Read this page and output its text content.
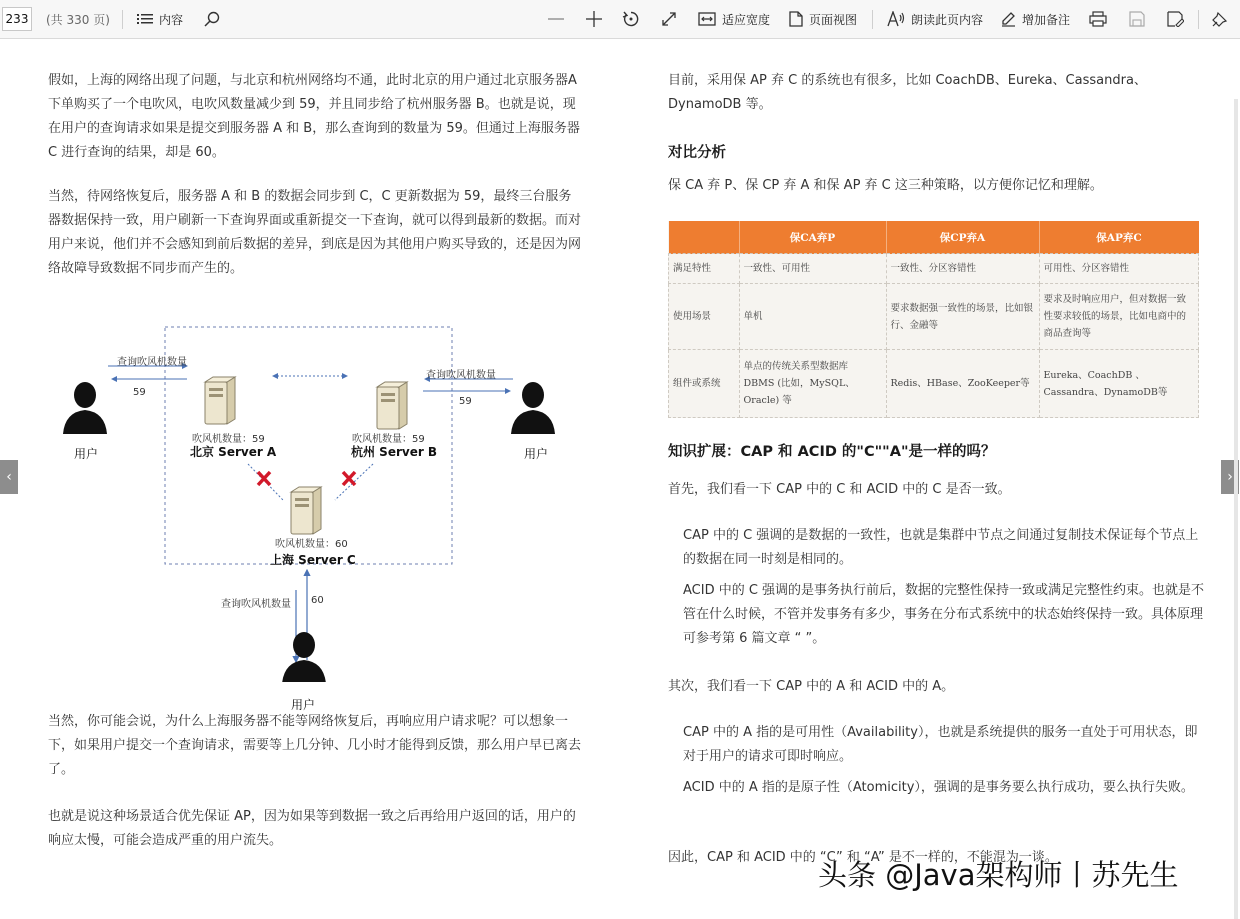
233 (共 330 页)	内容	适应宽度	页面视图	朗读此页内容	增加备注

假如，上海的网络出现了问题，与北京和杭州网络均不通，此时北京的用户通过北京服务器A 下单购买了一个电吹风，电吹风数量减少到 59，并且同步给了杭州服务器 B。也就是说，现在用户的查询请求如果是提交到服务器 A 和 B，那么查询到的数量为 59。但通过上海服务器 C 进行查询的结果，却是 60。

当然，待网络恢复后，服务器 A 和 B 的数据会同步到 C，C 更新数据为 59，最终三台服务器数据保持一致，用户刷新一下查询界面或重新提交一下查询，就可以得到最新的数据。而对用户来说，他们并不会感知到前后数据的差异，到底是因为其他用户购买导致的，还是因为网络故障导致数据不同步而产生的。

查询吹风机数量
59
查询吹风机数量
59
吹风机数量：59
北京 Server A
吹风机数量：59
杭州 Server B
吹风机数量：60
上海 Server C
查询吹风机数量 60
用户	用户
用户

当然，你可能会说，为什么上海服务器不能等网络恢复后，再响应用户请求呢？可以想象一下，如果用户提交一个查询请求，需要等上几分钟、几小时才能得到反馈，那么用户早已离去了。

也就是说这种场景适合优先保证 AP，因为如果等到数据一致之后再给用户返回的话，用户的响应太慢，可能会造成严重的用户流失。

目前，采用保 AP 弃 C 的系统也有很多，比如 CoachDB、Eureka、Cassandra、DynamoDB 等。

对比分析

保 CA 弃 P、保 CP 弃 A 和保 AP 弃 C 这三种策略，以方便你记忆和理解。

	保CA弃P	保CP弃A	保AP弃C
满足特性	一致性、可用性	一致性、分区容错性	可用性、分区容错性
使用场景	单机	要求数据强一致性的场景，比如银行、金融等	要求及时响应用户，但对数据一致性要求较低的场景，比如电商中的商品查询等
组件或系统	单点的传统关系型数据库 DBMS (比如，MySQL、Oracle) 等	Redis、HBase、ZooKeeper等	Eureka、CoachDB 、Cassandra、DynamoDB等
知识扩展：CAP 和 ACID 的"C""A"是一样的吗？

首先，我们看一下 CAP 中的 C 和 ACID 中的 C 是否一致。

CAP 中的 C 强调的是数据的一致性，也就是集群中节点之间通过复制技术保证每个节点上的数据在同一时刻是相同的。

ACID 中的 C 强调的是事务执行前后，数据的完整性保持一致或满足完整性约束。也就是不管在什么时候，不管并发事务有多少，事务在分布式系统中的状态始终保持一致。具体原理可参考第 6 篇文章 “ ”。

其次，我们看一下 CAP 中的 A 和 ACID 中的 A。

CAP 中的 A 指的是可用性（Availability），也就是系统提供的服务一直处于可用状态，即对于用户的请求可即时响应。

ACID 中的 A 指的是原子性（Atomicity），强调的是事务要么执行成功，要么执行失败。

因此，CAP 和 ACID 中的 “C” 和 “A” 是不一样的，不能混为一谈。

‹	›
头条 @Java架构师丨苏先生
